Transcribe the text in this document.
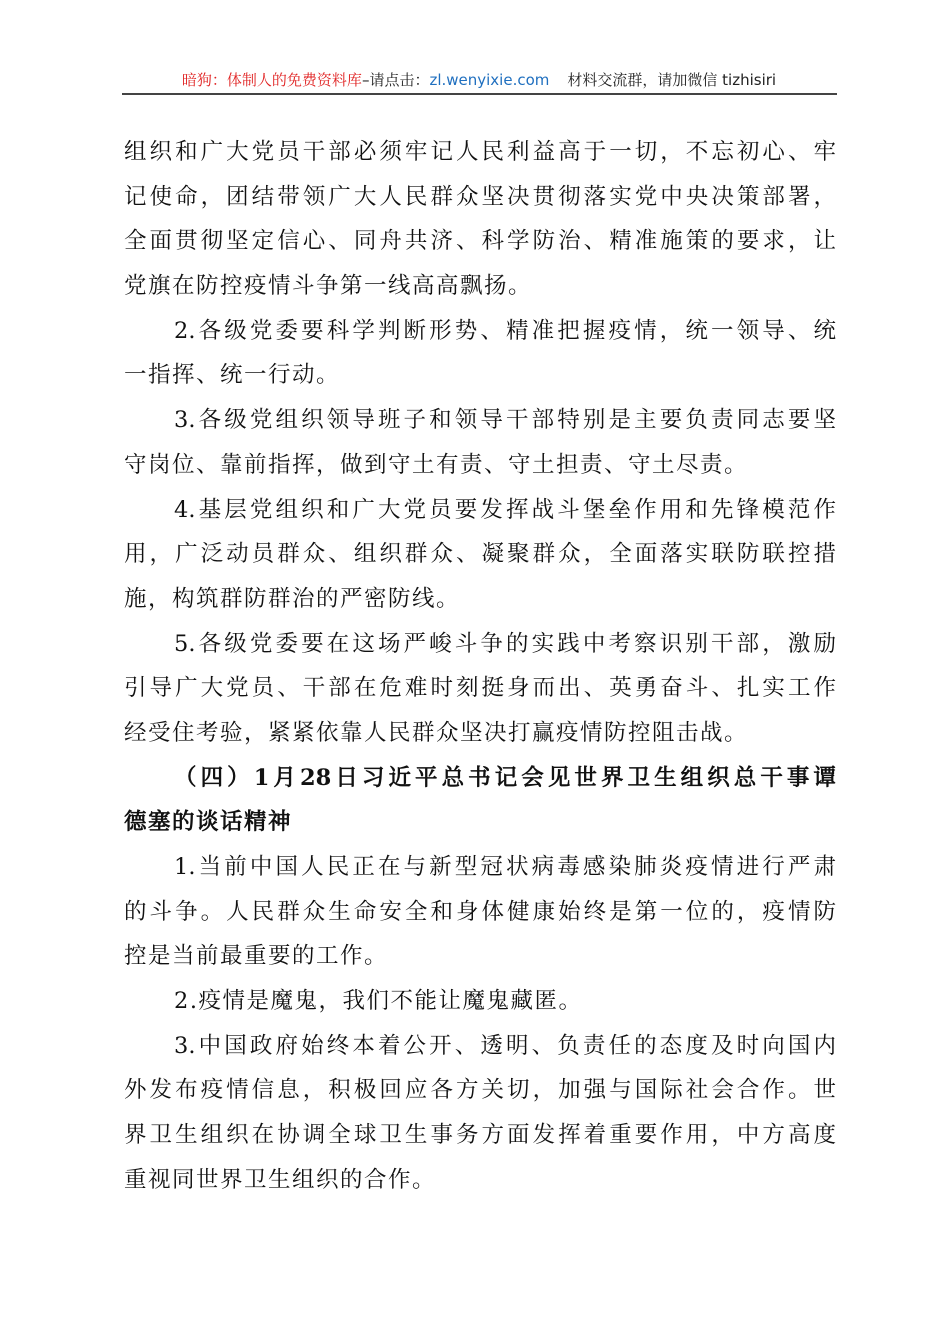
暗狗：体制人的免费资料库–请点击：zl.wenyixie.com 材料交流群，请加微信 tizhisiri
组织和广大党员干部必须牢记人民利益高于一切，不忘初心、牢
记使命，团结带领广大人民群众坚决贯彻落实党中央决策部署，
全面贯彻坚定信心、同舟共济、科学防治、精准施策的要求，让
党旗在防控疫情斗争第一线高高飘扬。
2.各级党委要科学判断形势、精准把握疫情，统一领导、统
一指挥、统一行动。
3.各级党组织领导班子和领导干部特别是主要负责同志要坚
守岗位、靠前指挥，做到守土有责、守土担责、守土尽责。
4.基层党组织和广大党员要发挥战斗堡垒作用和先锋模范作
用，广泛动员群众、组织群众、凝聚群众，全面落实联防联控措
施，构筑群防群治的严密防线。
5.各级党委要在这场严峻斗争的实践中考察识别干部，激励
引导广大党员、干部在危难时刻挺身而出、英勇奋斗、扎实工作
经受住考验，紧紧依靠人民群众坚决打赢疫情防控阻击战。
（四）1月28日习近平总书记会见世界卫生组织总干事谭
德塞的谈话精神
1.当前中国人民正在与新型冠状病毒感染肺炎疫情进行严肃
的斗争。人民群众生命安全和身体健康始终是第一位的，疫情防
控是当前最重要的工作。
2.疫情是魔鬼，我们不能让魔鬼藏匿。
3.中国政府始终本着公开、透明、负责任的态度及时向国内
外发布疫情信息，积极回应各方关切，加强与国际社会合作。世
界卫生组织在协调全球卫生事务方面发挥着重要作用，中方高度
重视同世界卫生组织的合作。
